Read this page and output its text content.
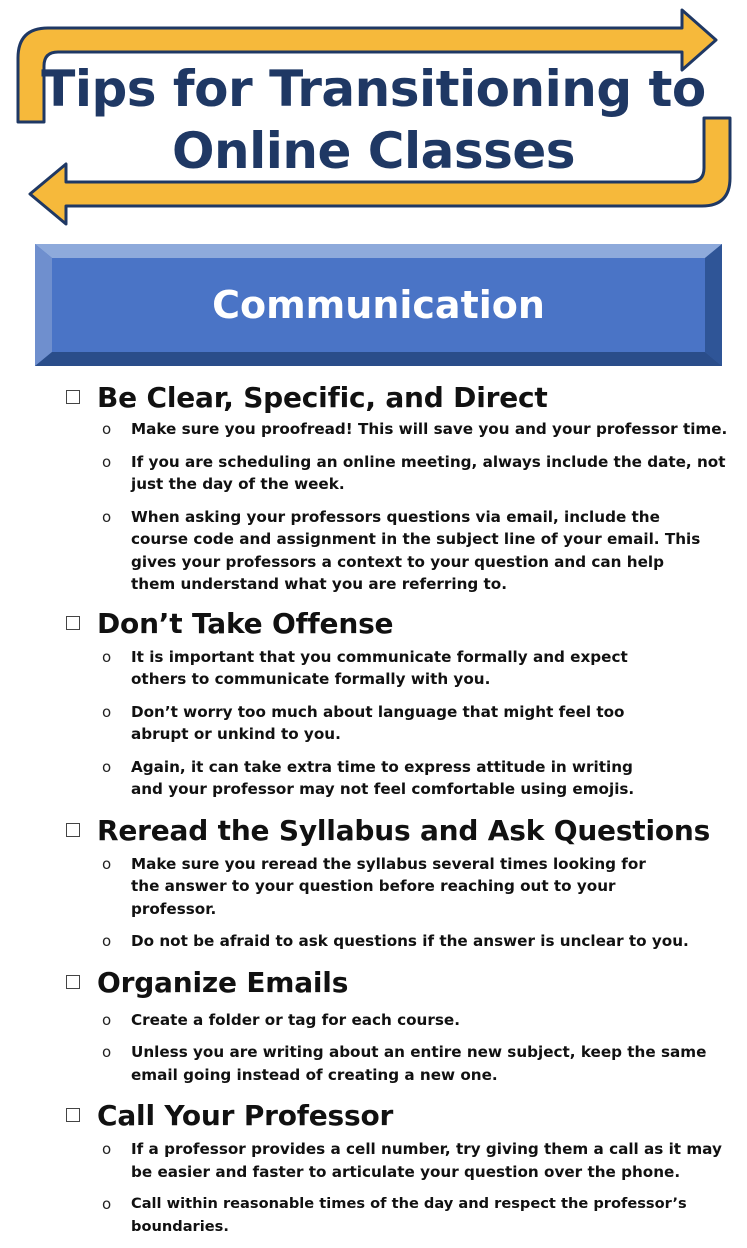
Tips for Transitioning to
Online Classes
Communication
Be Clear, Specific, and Direct
o Make sure you proofread! This will save you and your professor time.
o If you are scheduling an online meeting, always include the date, not just the day of the week.
o When asking your professors questions via email, include the course code and assignment in the subject line of your email. This gives your professors a context to your question and can help them understand what you are referring to.
Don’t Take Offense
o It is important that you communicate formally and expect others to communicate formally with you.
o Don’t worry too much about language that might feel too abrupt or unkind to you.
o Again, it can take extra time to express attitude in writing and your professor may not feel comfortable using emojis.
Reread the Syllabus and Ask Questions
o Make sure you reread the syllabus several times looking for the answer to your question before reaching out to your professor.
o Do not be afraid to ask questions if the answer is unclear to you.
Organize Emails
o Create a folder or tag for each course.
o Unless you are writing about an entire new subject, keep the same email going instead of creating a new one.
Call Your Professor
o If a professor provides a cell number, try giving them a call as it may be easier and faster to articulate your question over the phone.
o Call within reasonable times of the day and respect the professor’s boundaries.
